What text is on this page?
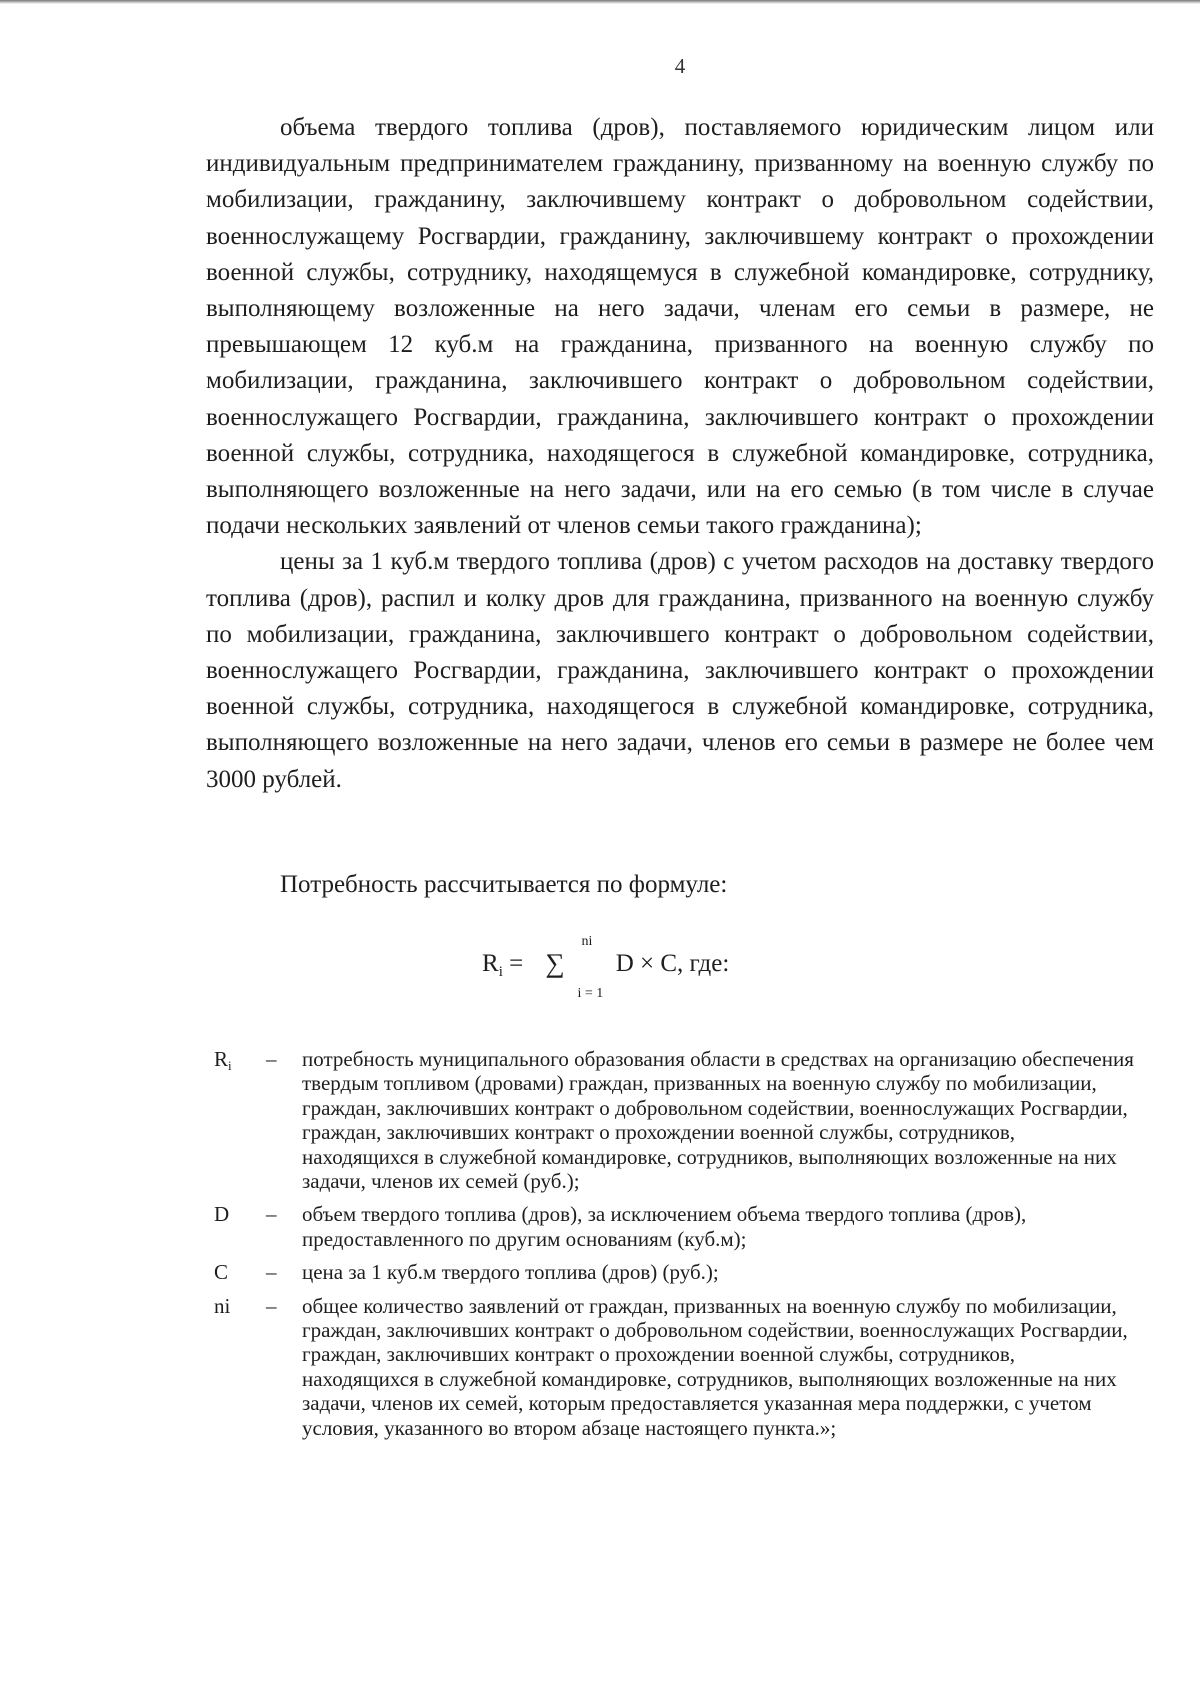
4

объема твердого топлива (дров), поставляемого юридическим лицом или индивидуальным предпринимателем гражданину, призванному на военную службу по мобилизации, гражданину, заключившему контракт о добровольном содействии, военнослужащему Росгвардии, гражданину, заключившему контракт о прохождении военной службы, сотруднику, находящемуся в служебной командировке, сотруднику, выполняющему возложенные на него задачи, членам его семьи в размере, не превышающем 12 куб.м на гражданина, призванного на военную службу по мобилизации, гражданина, заключившего контракт о добровольном содействии, военнослужащего Росгвардии, гражданина, заключившего контракт о прохождении военной службы, сотрудника, находящегося в служебной командировке, сотрудника, выполняющего возложенные на него задачи, или на его семью (в том числе в случае подачи нескольких заявлений от членов семьи такого гражданина);

цены за 1 куб.м твердого топлива (дров) с учетом расходов на доставку твердого топлива (дров), распил и колку дров для гражданина, призванного на военную службу по мобилизации, гражданина, заключившего контракт о добровольном содействии, военнослужащего Росгвардии, гражданина, заключившего контракт о прохождении военной службы, сотрудника, находящегося в служебной командировке, сотрудника, выполняющего возложенные на него задачи, членов его семьи в размере не более чем 3000 рублей.

Потребность рассчитывается по формуле:
$R_i$ = ∑
ni
i = 1
D × C, где:
Ri	–	потребность муниципального образования области в средствах на организацию обеспечения твердым топливом (дровами) граждан, призванных на военную службу по мобилизации, граждан, заключивших контракт о добровольном содействии, военнослужащих Росгвардии, граждан, заключивших контракт о прохождении военной службы, сотрудников, находящихся в служебной командировке, сотрудников, выполняющих возложенные на них задачи, членов их семей (руб.);
D	–	объем твердого топлива (дров), за исключением объема твердого топлива (дров), предоставленного по другим основаниям (куб.м);
C	–	цена за 1 куб.м твердого топлива (дров) (руб.);
ni	–	общее количество заявлений от граждан, призванных на военную службу по мобилизации, граждан, заключивших контракт о добровольном содействии, военнослужащих Росгвардии, граждан, заключивших контракт о прохождении военной службы, сотрудников, находящихся в служебной командировке, сотрудников, выполняющих возложенные на них задачи, членов их семей, которым предоставляется указанная мера поддержки, с учетом условия, указанного во втором абзаце настоящего пункта.»;
